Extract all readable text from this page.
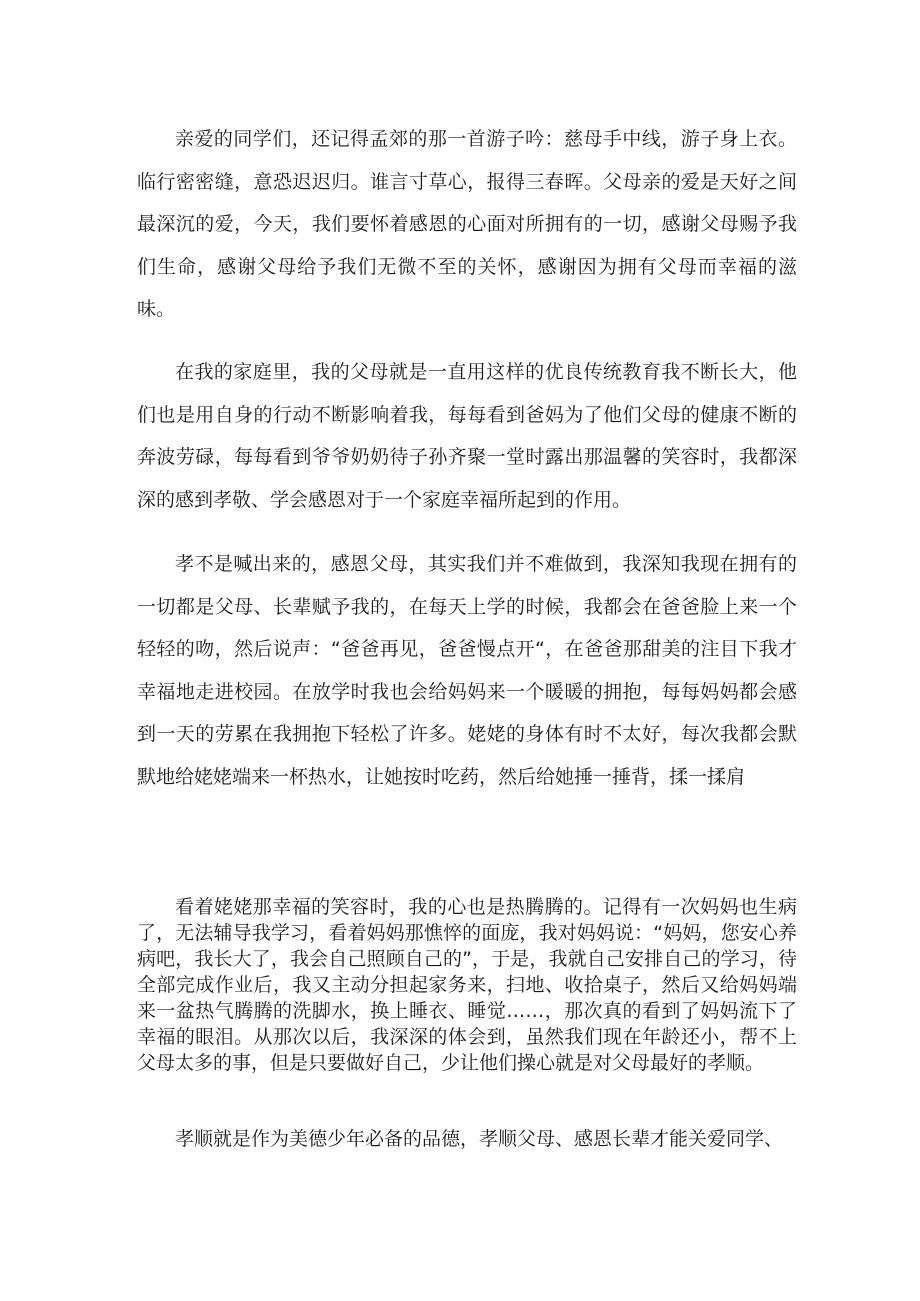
亲爱的同学们，还记得孟郊的那一首游子吟：慈母手中线，游子身上衣。临行密密缝，意恐迟迟归。谁言寸草心，报得三春晖。父母亲的爱是天好之间最深沉的爱，今天，我们要怀着感恩的心面对所拥有的一切，感谢父母赐予我们生命，感谢父母给予我们无微不至的关怀，感谢因为拥有父母而幸福的滋味。

在我的家庭里，我的父母就是一直用这样的优良传统教育我不断长大，他们也是用自身的行动不断影响着我，每每看到爸妈为了他们父母的健康不断的奔波劳碌，每每看到爷爷奶奶待子孙齐聚一堂时露出那温馨的笑容时，我都深深的感到孝敬、学会感恩对于一个家庭幸福所起到的作用。

孝不是喊出来的，感恩父母，其实我们并不难做到，我深知我现在拥有的一切都是父母、长辈赋予我的，在每天上学的时候，我都会在爸爸脸上来一个轻轻的吻，然后说声：“爸爸再见，爸爸慢点开“，在爸爸那甜美的注目下我才幸福地走进校园。在放学时我也会给妈妈来一个暖暖的拥抱，每每妈妈都会感到一天的劳累在我拥抱下轻松了许多。姥姥的身体有时不太好，每次我都会默默地给姥姥端来一杯热水，让她按时吃药，然后给她捶一捶背，揉一揉肩

看着姥姥那幸福的笑容时，我的心也是热腾腾的。记得有一次妈妈也生病了，无法辅导我学习，看着妈妈那憔悴的面庞，我对妈妈说：“妈妈，您安心养病吧，我长大了，我会自己照顾自己的”，于是，我就自己安排自己的学习，待全部完成作业后，我又主动分担起家务来，扫地、收拾桌子，然后又给妈妈端来一盆热气腾腾的洗脚水，换上睡衣、睡觉……，那次真的看到了妈妈流下了幸福的眼泪。从那次以后，我深深的体会到，虽然我们现在年龄还小，帮不上父母太多的事，但是只要做好自己，少让他们操心就是对父母最好的孝顺。

孝顺就是作为美德少年必备的品德，孝顺父母、感恩长辈才能关爱同学、
